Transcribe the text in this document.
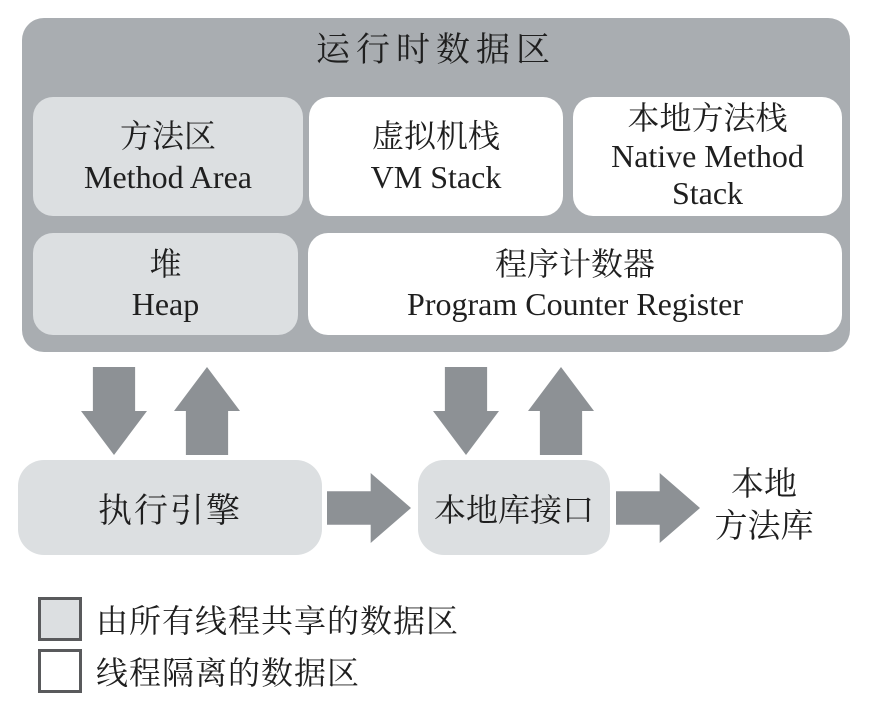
运行时数据区
方法区
Method Area
虚拟机栈
VM Stack
本地方法栈
Native Method Stack
堆
Heap
程序计数器
Program Counter Register
执行引擎	本地库接口
本地
方法库
由所有线程共享的数据区
线程隔离的数据区
